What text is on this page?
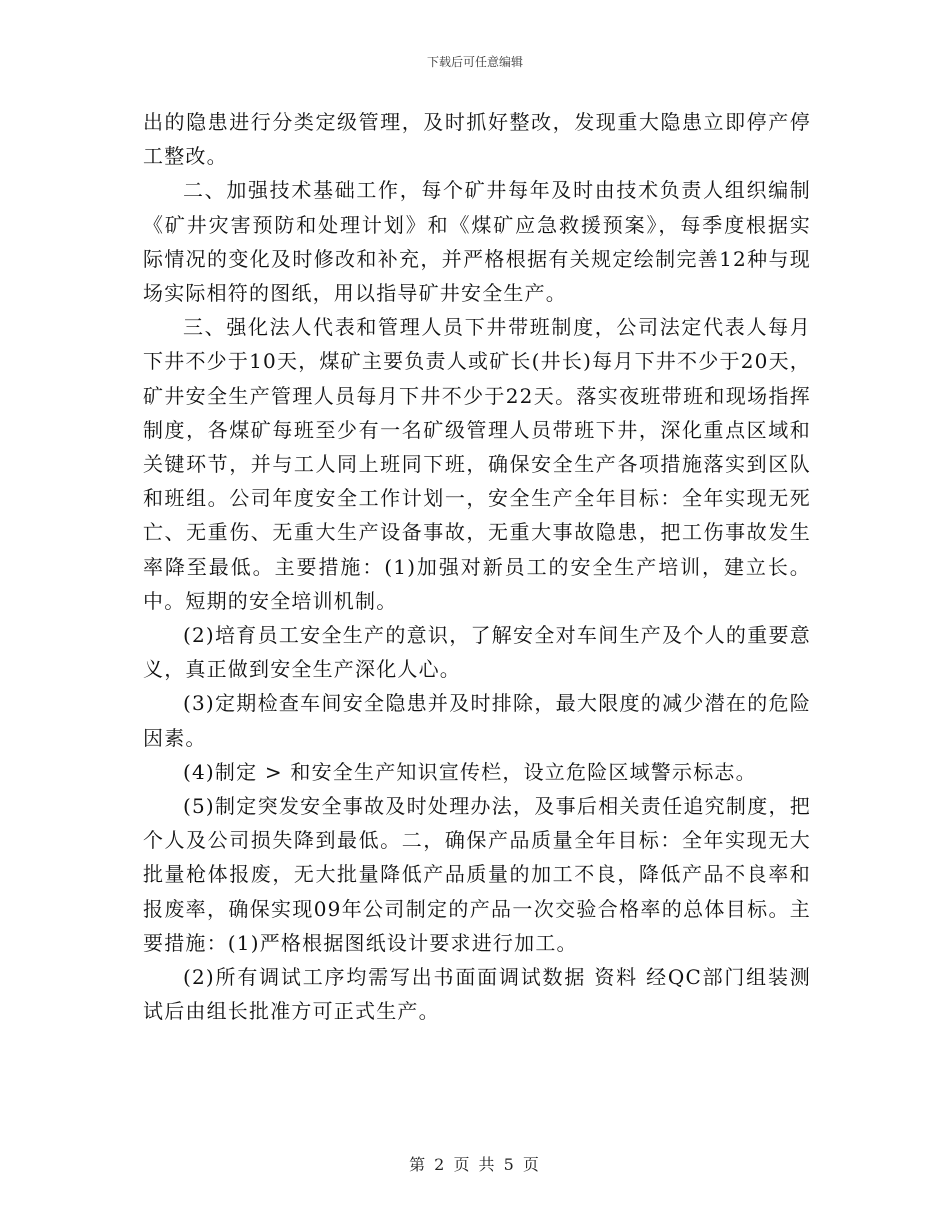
下载后可任意编辑

出的隐患进行分类定级管理，及时抓好整改，发现重大隐患立即停产停工整改。

二、加强技术基础工作，每个矿井每年及时由技术负责人组织编制《矿井灾害预防和处理计划》和《煤矿应急救援预案》，每季度根据实际情况的变化及时修改和补充，并严格根据有关规定绘制完善12种与现场实际相符的图纸，用以指导矿井安全生产。

三、强化法人代表和管理人员下井带班制度，公司法定代表人每月下井不少于10天，煤矿主要负责人或矿长(井长)每月下井不少于20天，矿井安全生产管理人员每月下井不少于22天。落实夜班带班和现场指挥制度，各煤矿每班至少有一名矿级管理人员带班下井，深化重点区域和关键环节，并与工人同上班同下班，确保安全生产各项措施落实到区队和班组。公司年度安全工作计划一，安全生产全年目标：全年实现无死亡、无重伤、无重大生产设备事故，无重大事故隐患，把工伤事故发生率降至最低。主要措施：(1)加强对新员工的安全生产培训，建立长。中。短期的安全培训机制。

(2)培育员工安全生产的意识，了解安全对车间生产及个人的重要意义，真正做到安全生产深化人心。

(3)定期检查车间安全隐患并及时排除，最大限度的减少潜在的危险因素。

(4)制定 > 和安全生产知识宣传栏，设立危险区域警示标志。

(5)制定突发安全事故及时处理办法，及事后相关责任追究制度，把个人及公司损失降到最低。二，确保产品质量全年目标：全年实现无大批量枪体报废，无大批量降低产品质量的加工不良，降低产品不良率和报废率，确保实现09年公司制定的产品一次交验合格率的总体目标。主要措施：(1)严格根据图纸设计要求进行加工。

(2)所有调试工序均需写出书面面调试数据 资料 经QC部门组装测试后由组长批准方可正式生产。

第 2 页 共 5 页
